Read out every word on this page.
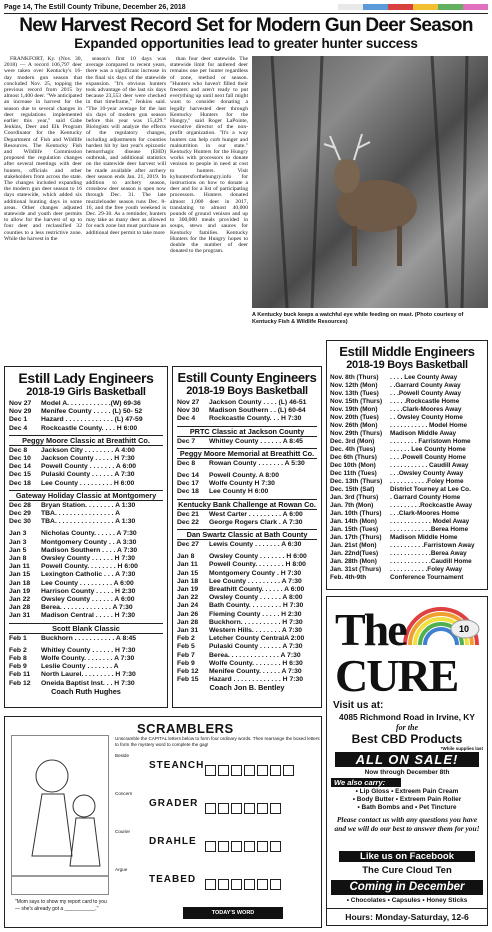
Page 14, The Estill County Tribune, December 26, 2018
New Harvest Record Set for Modern Gun Deer Season
Expanded opportunities lead to greater hunter success

FRANKFORT, Ky. (Nov. 30, 2018) — A record 106,797 deer were taken over Kentucky's 16-day modern gun season that concluded Nov. 25, topping the previous record from 2015 by almost 1,400 deer. "We anticipated an increase in harvest for the season due to several changes in deer regulations implemented earlier this year," said Gabe Jenkins, Deer and Elk Program Coordinator for the Kentucky Department of Fish and Wildlife Resources. The Kentucky Fish and Wildlife Commission proposed the regulation changes after several meetings with deer hunters, officials and other stakeholders from across the state. The changes included expanding the modern gun deer season to 16 days statewide, which added six additional hunting days in some areas. Other changes adjusted statewide and youth deer permits to allow for the harvest of up to four deer and reclassified 32 counties to a less restrictive zone. While the harvest in the

season's first 10 days was average compared to recent years, there was a significant increase in the final six days of the statewide expansion. "It's obvious hunters took advantage of the last six days because 23,553 deer were checked in that timeframe," Jenkins said. "The 10-year average for the last six days of modern gun season before this year was 15,429." Biologists will analyze the effects of the regulatory changes, including adjustments for counties hardest hit by last year's epizootic hemorrhagic disease (EHD) outbreak, and additional statistics on the statewide deer harvest will be made available after archery deer season ends Jan. 21, 2019. In addition to archery season, crossbow deer season is open now through Dec. 31. The late muzzleloader season runs Dec. 8-16, and the free youth weekend is Dec. 29-30. As a reminder, hunters may take as many deer as allowed for each zone but must purchase an additional deer permit to take more

than four deer statewide. The statewide limit for antlered deer remains one per hunter regardless of zone, method or season. "Hunters who haven't filled their freezers and aren't ready to put everything up until next fall might want to consider donating a legally harvested deer through Kentucky Hunters for the Hungry," said Roger LaPointe, executive director of the non-profit organization. "It's a way hunters can help curb hunger and malnutrition in our state." Kentucky Hunters for the Hungry works with processors to donate venison to people in need at cost to hunters. Visit kyhuntersforthehungry.info for instructions on how to donate a deer and for a list of participating processors. Hunters donated almost 1,000 deer in 2017, translating to almost 40,000 pounds of ground venison and up to 300,000 meals provided in soups, stews and sauces for Kentucky families. Kentucky Hunters for the Hungry hopes to double the number of deer donated to the program.

A Kentucky buck keeps a watchful eye while feeding on mast. (Photo courtesy of Kentucky Fish & Wildlife Resources)
Estill Lady Engineers
2018-19 Girls Basketball
Nov 27	Model A. . . . . . . . . . . .(W) 69-36
Nov 29	Menifee County . . . . . (L) 50- 52
Dec 1	Hazard . . . . . . . . . . . . . (L) 47-59
Dec 4	Rockcastle County. . . . H 6:00
Peggy Moore Classic at Breathitt Co.
Dec 8	Jackson City . . . . . . . . A 4:00
Dec 10	Jackson County . . . . . H 7:30
Dec 14	Powell County . . . . . . . A 6:00
Dec 15	Pulaski County . . . . . . A 7:30
Dec 18	Lee County . . . . . . . . . H 6:00
Gateway Holiday Classic at Montgomery
Dec 28	Bryan Station. . . . . . . . A 1:30
Dec 29	TBA. . . . . . . . . . . . . . . . A
Dec 30	TBA. . . . . . . . . . . . . . . . A 1:30
Jan 3	Nicholas County. . . . . . A 7:30
Jan 3	Montgomery County . . A 3:30
Jan 5	Madison Southern . . . . A 7:30
Jan 8	Owsley County . . . . . . H 7:30
Jan 11	Powell County. . . . . . . . H 6:00
Jan 15	Lexington Catholic . . . A 7:30
Jan 18	Lee County . . . . . . . . . A 6:00
Jan 19	Harrison County . . . . . H 2:30
Jan 22	Owsley County . . . . . . A 6:00
Jan 28	Berea. . . . . . . . . . . . . . A 7:30
Jan 31	Madison Central . . . . . H 7:30
Scott Blank Classic
Feb 1	Buckhorn . . . . . . . . . . . A 8:45
Feb 2	Whitley County . . . . . . H 7:30
Feb 8	Wolfe County. . . . . . . . A 7:30
Feb 9	Leslie County . . . . . . . A
Feb 11	North Laurel. . . . . . . . . H 7:30
Feb 12	Oneida Baptist Inst. . . H 7:30
Coach Ruth Hughes
Estill County Engineers
2018-19 Boys Basketball
Nov 27	Jackson County . . . . (L) 46-51
Nov 30	Madison Southern . . (L) 60-64
Dec 4	Rockcastle County. . . H 7:30
PRTC Classic at Jackson County
Dec 7	Whitley County . . . . . . A 8:45
Peggy Moore Memorial at Breathitt Co.
Dec 8	Rowan County . . . . . . . A 5:30
Dec 14	Powell County. A 8:00
Dec 17	Wolfe County H 7:30
Dec 18	Lee County H 6:00
Kentucky Bank Challenge at Rowan Co.
Dec 21	West Carter . . . . . . . . . A 6:00
Dec 22	George Rogers Clark . A 7:30
Dan Swartz Classic at Bath County
Dec 27	Lewis County . . . . . . . A 6:30
Jan 8	Owsley County . . . . . . . H 6:00
Jan 11	Powell County. . . . . . . . H 8:00
Jan 15	Montgomery County . H 7:30
Jan 18	Lee County . . . . . . . . . A 7:30
Jan 19	Breathitt County. . . . . . A 6:00
Jan 22	Owsley County . . . . . . A 8:00
Jan 24	Bath County. . . . . . . . . H 7:30
Jan 26	Fleming County . . . . . H 2:30
Jan 28	Buckhorn. . . . . . . . . . . H 7:30
Jan 31	Western Hills. . . . . . . . A 7:30
Feb 2	Letcher County CentralA 2:00
Feb 5	Pulaski County . . . . . . A 7:30
Feb 7	Berea. . . . . . . . . . . . . . A 7:30
Feb 9	Wolfe County. . . . . . . . H 6:30
Feb 12	Menifee County. . . . . . A 7:30
Feb 15	Hazard . . . . . . . . . . . . . H 7:30
Coach Jon B. Bentley
Estill Middle Engineers
2018-19 Boys Basketball
Nov. 8th (Thurs)	. . . . Lee County Away
Nov. 12th (Mon)	. .Garrard County Away
Nov. 13th (Tues)	. . .Powell County Away
Nov. 15th (Thurs)	. . . . .Rockcastle Home
Nov. 19th (Mon)	. . . .Clark-Moores Away
Nov. 20th (Tues)	. . Owsley County Home
Nov. 26th (Mon)	. . . . . . . . . . . Model Home
Nov. 29th (Thurs)	Madison Middle Away
Dec. 3rd (Mon)	. . . . . . . . Farristown Home
Dec. 4th (Tues)	. . . . . . Lee County Home
Dec 6th (Thurs)	. . . .Powell County Home
Dec 10th (Mon)	. . . . . . . . . . . Caudill Away
Dec 11th (Tues)	. . .Owsley County Away
Dec. 13th (Thurs)	. . . . . . . . . . .Foley Home
Dec. 15th (Sat)	District Tourney at Lee Co.
Jan. 3rd (Thurs)	. Garrard County Home
Jan. 7th (Mon)	. . . . . . . . .Rockcastle Away
Jan. 10th (Thurs)	. . .Clark-Moores Home
Jan. 14th (Mon)	. . . . . . . . . . . . Model Away
Jan. 15th (Tues)	. . . . . . . . . . . .Berea Home
Jan. 17th (Thurs)	Madison Middle Home
Jan. 21st (Mon)	. . . . . . . . . .Farristown Away
Jan. 22nd(Tues)	. . . . . . . . . . . .Berea Away
Jan. 28th (Mon)	. . . . . . . . . . . .Caudill Home
Jan. 31st (Thurs)	. . . . . . . . . . .Foley Away
Feb. 4th-9th	Conference Tournament
"Mom says to show my report card to you — she's already got a ___________."
SCRAMBLERS
Unscramble the CAPITAL letters below to form four ordinary words. Then rearrange the boxed letters to form the mystery word to complete the gag!
Beside
STEANCH
Concern
GRADER
Courier
DRAHLE
Argue
TEABED
TODAY'S WORD
10
The CURE
Visit us at:
4085 Richmond Road in Irvine, KY
for the
Best CBD Products
*While supplies last
ALL ON SALE!
Now through December 8th
We also carry:
• Lip Gloss • Extreem Pain Cream
• Body Butter • Extreem Pain Roller
• Bath Bombs and • Pet Tincture
Please contact us with any questions you have and we will do our best to answer them for you!
Like us on Facebook
The Cure Cloud Ten
Coming in December
• Chocolates • Capsules • Honey Sticks
Hours: Monday-Saturday, 12-6
